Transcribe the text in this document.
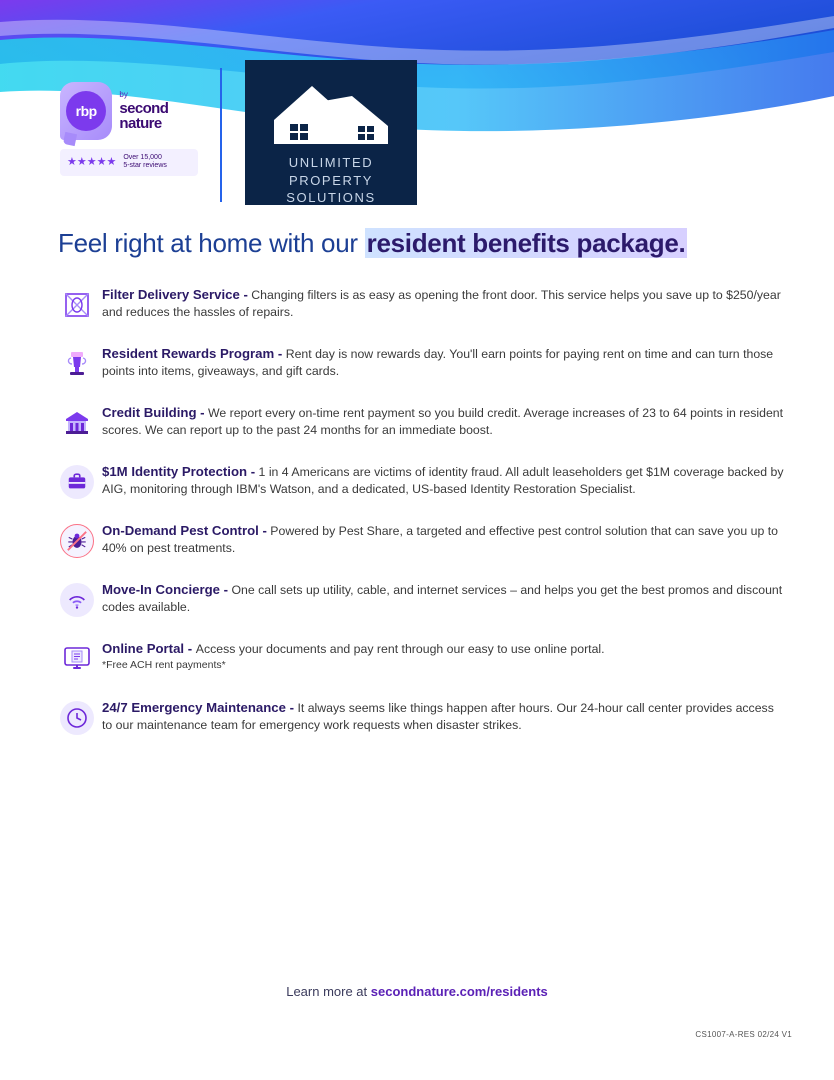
rbp
by
second nature
★★★★★ Over 15,000
5-star reviews	UNLIMITED
PROPERTY
SOLUTIONS
Feel right at home with our resident benefits package.
Filter Delivery Service - Changing filters is as easy as opening the front door. This service helps you save up to $250/year and reduces the hassles of repairs.
Resident Rewards Program - Rent day is now rewards day. You'll earn points for paying rent on time and can turn those points into items, giveaways, and gift cards.
Credit Building - We report every on-time rent payment so you build credit. Average increases of 23 to 64 points in resident scores. We can report up to the past 24 months for an immediate boost.
$1M Identity Protection - 1 in 4 Americans are victims of identity fraud. All adult leaseholders get $1M coverage backed by AIG, monitoring through IBM's Watson, and a dedicated, US-based Identity Restoration Specialist.
On-Demand Pest Control - Powered by Pest Share, a targeted and effective pest control solution that can save you up to 40% on pest treatments.
Move-In Concierge - One call sets up utility, cable, and internet services – and helps you get the best promos and discount codes available.
Online Portal - Access your documents and pay rent through our easy to use online portal.
*Free ACH rent payments*
24/7 Emergency Maintenance - It always seems like things happen after hours. Our 24-hour call center provides access to our maintenance team for emergency work requests when disaster strikes.
Learn more at secondnature.com/residents
CS1007-A-RES 02/24 V1
